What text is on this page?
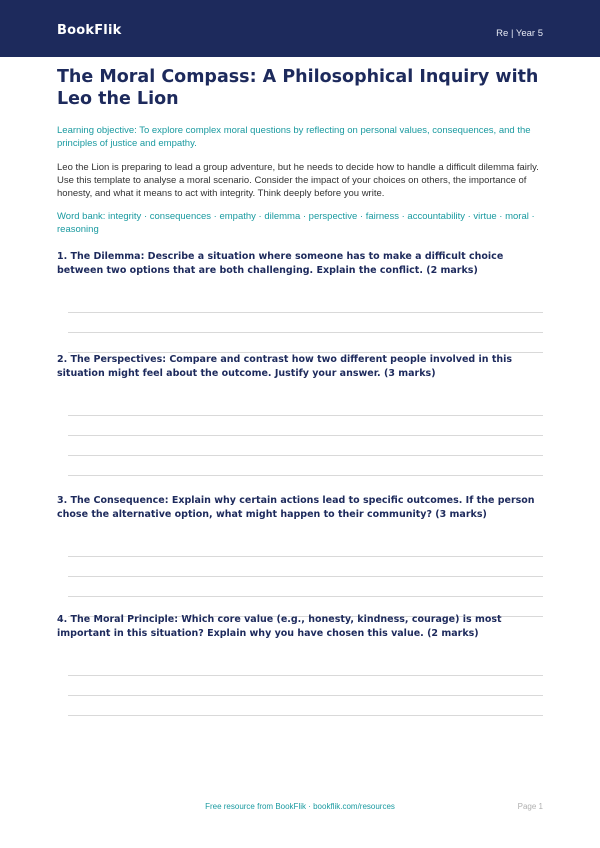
BookFlik	Re | Year 5
The Moral Compass: A Philosophical Inquiry with Leo the Lion
Learning objective: To explore complex moral questions by reflecting on personal values, consequences, and the principles of justice and empathy.
Leo the Lion is preparing to lead a group adventure, but he needs to decide how to handle a difficult dilemma fairly. Use this template to analyse a moral scenario. Consider the impact of your choices on others, the importance of honesty, and what it means to act with integrity. Think deeply before you write.
Word bank: integrity · consequences · empathy · dilemma · perspective · fairness · accountability · virtue · moral · reasoning
1. The Dilemma: Describe a situation where someone has to make a difficult choice between two options that are both challenging. Explain the conflict. (2 marks)
2. The Perspectives: Compare and contrast how two different people involved in this situation might feel about the outcome. Justify your answer. (3 marks)
3. The Consequence: Explain why certain actions lead to specific outcomes. If the person chose the alternative option, what might happen to their community? (3 marks)
4. The Moral Principle: Which core value (e.g., honesty, kindness, courage) is most important in this situation? Explain why you have chosen this value. (2 marks)
Free resource from BookFlik · bookflik.com/resources	Page 1
